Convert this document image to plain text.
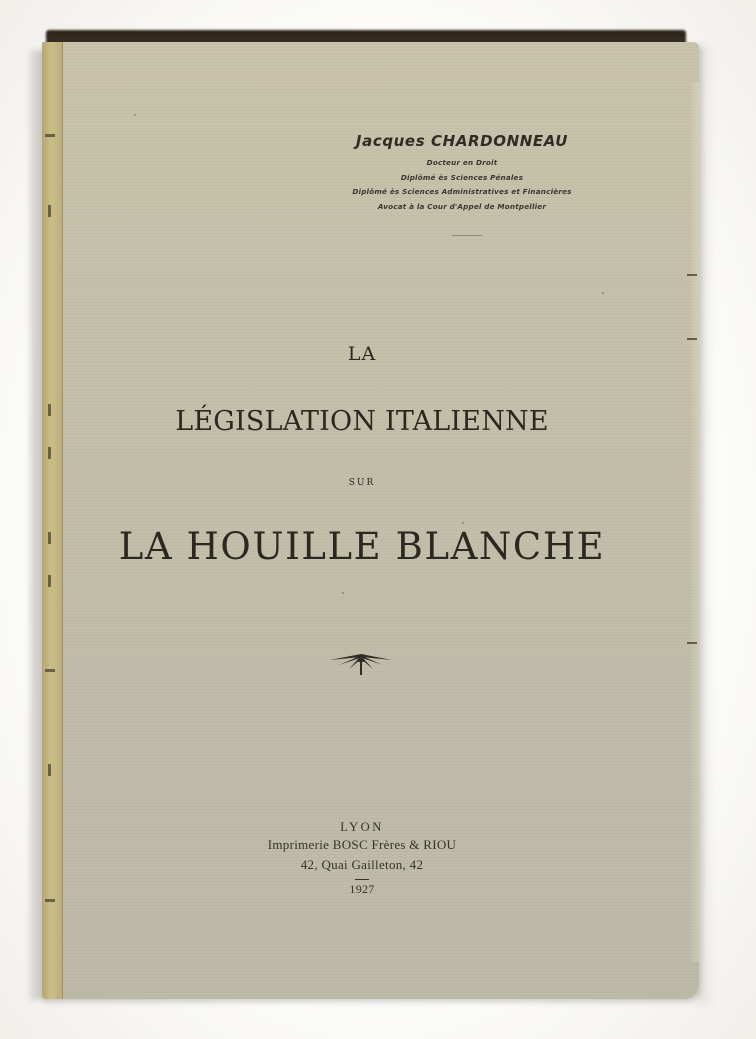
Jacques CHARDONNEAU
Docteur en Droit
Diplômé ès Sciences Pénales
Diplômé ès Sciences Administratives et Financières
Avocat à la Cour d'Appel de Montpellier
LA
LÉGISLATION ITALIENNE
SUR
LA HOUILLE BLANCHE
LYON
Imprimerie BOSC Frères & RIOU
42, Quai Gailleton, 42
1927
